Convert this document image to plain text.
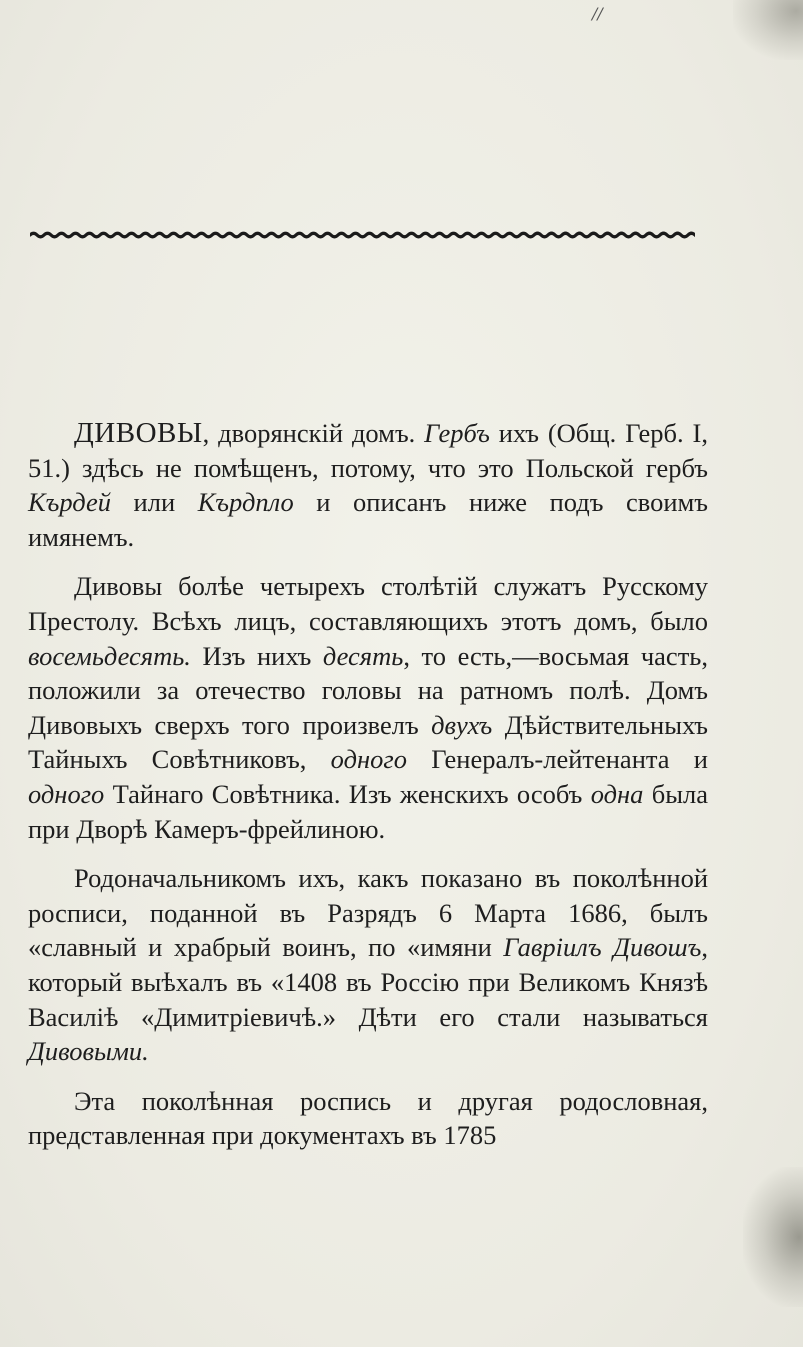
//

ДИВОВЫ, дворянскій домъ. Гербъ ихъ (Общ. Герб. I, 51.) здѣсь не помѣщенъ, потому, что это Польской гербъ Кърдей или Кърдпло и описанъ ниже подъ своимъ имянемъ.

Дивовы болѣе четырехъ столѣтій служатъ Русскому Престолу. Всѣхъ лицъ, составляющихъ этотъ домъ, было восемьдесять. Изъ нихъ десять, то есть,—восьмая часть, положили за отечество головы на ратномъ полѣ. Домъ Дивовыхъ сверхъ того произвелъ двухъ Дѣйствительныхъ Тайныхъ Совѣтниковъ, одного Генералъ-лейтенанта и одного Тайнаго Совѣтника. Изъ женскихъ особъ одна была при Дворѣ Камеръ-фрейлиною.

Родоначальникомъ ихъ, какъ показано въ поколѣнной росписи, поданной въ Разрядъ 6 Марта 1686, былъ «славный и храбрый воинъ, по «имяни Гавріилъ Дивошъ, который выѣхалъ въ «1408 въ Россію при Великомъ Князѣ Василіѣ «Димитріевичѣ.» Дѣти его стали называться Дивовыми.

Эта поколѣнная роспись и другая родословная, представленная при документахъ въ 1785
